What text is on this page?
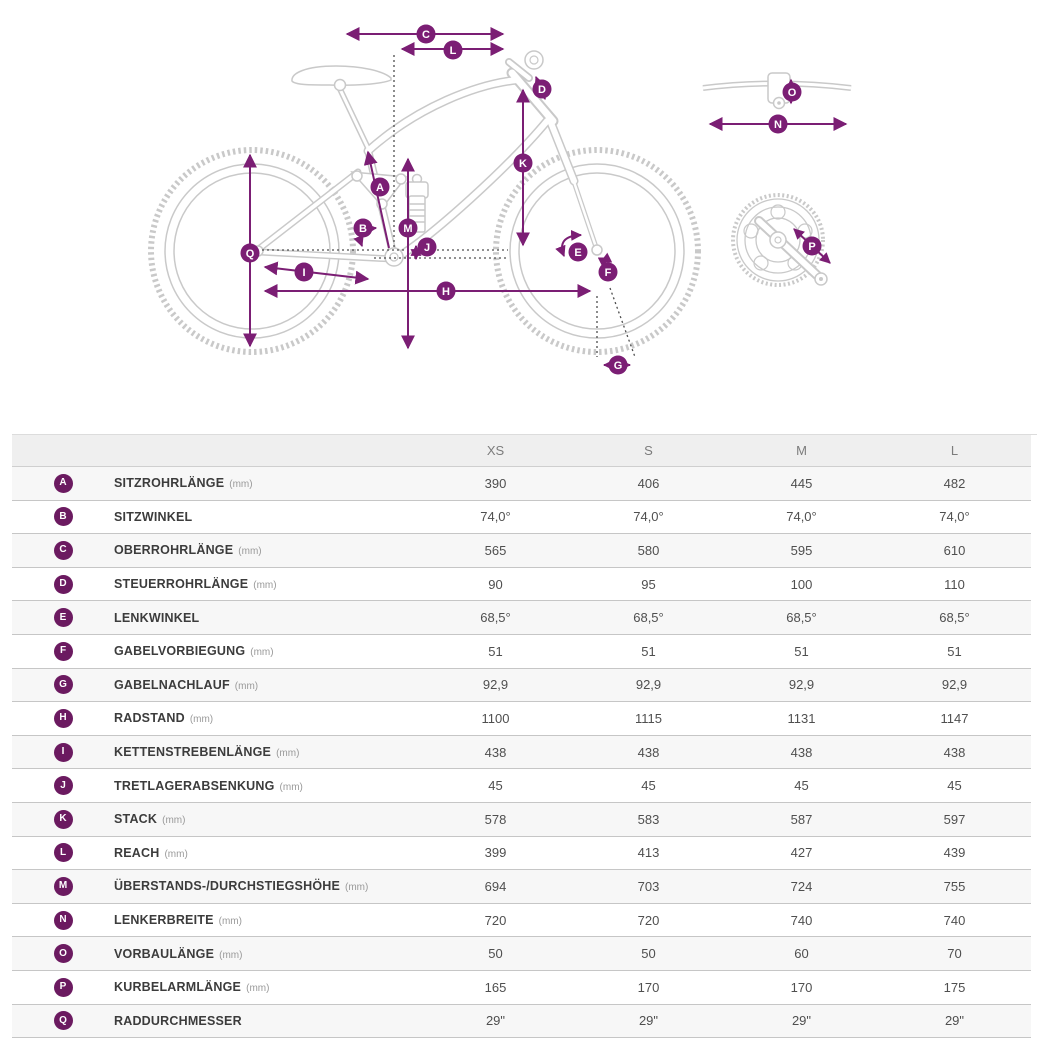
A
B
C
D
E
F
G
H
I
J
K
L
M
N
O
P
Q
XS	S	M	L
A	SITZROHRLÄNGE (mm)	390	406	445	482
B	SITZWINKEL	74,0°	74,0°	74,0°	74,0°
C	OBERROHRLÄNGE (mm)	565	580	595	610
D	STEUERROHRLÄNGE (mm)	90	95	100	110
E	LENKWINKEL	68,5°	68,5°	68,5°	68,5°
F	GABELVORBIEGUNG (mm)	51	51	51	51
G	GABELNACHLAUF (mm)	92,9	92,9	92,9	92,9
H	RADSTAND (mm)	1100	1115	1131	1147
I	KETTENSTREBENLÄNGE (mm)	438	438	438	438
J	TRETLAGERABSENKUNG (mm)	45	45	45	45
K	STACK (mm)	578	583	587	597
L	REACH (mm)	399	413	427	439
M	ÜBERSTANDS-/DURCHSTIEGSHÖHE (mm)	694	703	724	755
N	LENKERBREITE (mm)	720	720	740	740
O	VORBAULÄNGE (mm)	50	50	60	70
P	KURBELARMLÄNGE (mm)	165	170	170	175
Q	RADDURCHMESSER	29"	29"	29"	29"
